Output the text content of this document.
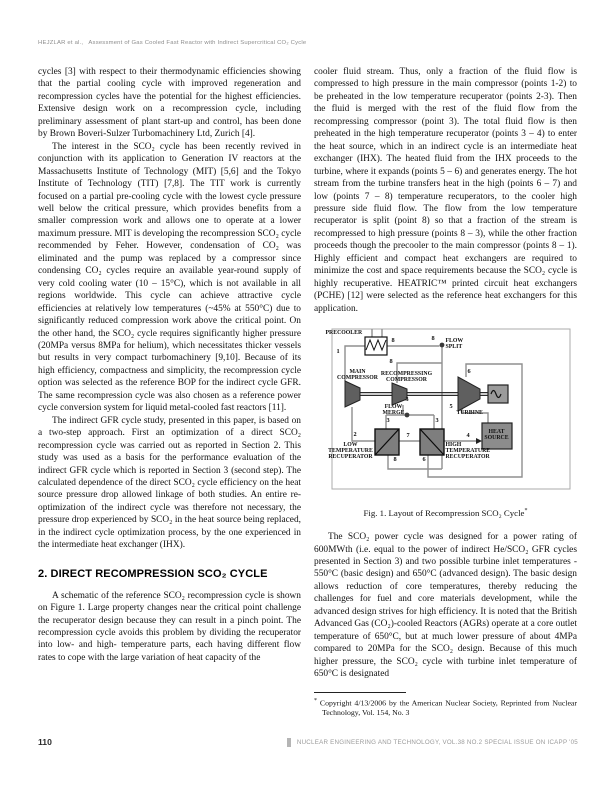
HEJZLAR et al.,   Assessment of Gas Cooled Fast Reactor with Indirect Supercritical CO₂ Cycle

cycles [3] with respect to their thermodynamic efficiencies showing that the partial cooling cycle with improved regeneration and recompression cycles have the potential for the highest efficiencies. Extensive design work on a recompression cycle, including preliminary assessment of plant start-up and control, has been done by Brown Boveri-Sulzer Turbomachinery Ltd, Zurich [4].

The interest in the SCO₂ cycle has been recently revived in conjunction with its application to Generation IV reactors at the Massachusetts Institute of Technology (MIT) [5,6] and the Tokyo Institute of Technology (TIT) [7,8]. The TIT work is currently focused on a partial pre-cooling cycle with the lowest cycle pressure well below the critical pressure, which provides benefits from a smaller compression work and allows one to operate at a lower maximum pressure. MIT is developing the recompression SCO₂ cycle recommended by Feher. However, condensation of CO₂ was eliminated and the pump was replaced by a compressor since condensing CO₂ cycles require an available year-round supply of very cold cooling water (10 – 15°C), which is not available in all regions worldwide. This cycle can achieve attractive cycle efficiencies at relatively low temperatures (~45% at 550°C) due to significantly reduced compression work above the critical point. On the other hand, the SCO₂ cycle requires significantly higher pressure (20MPa versus 8MPa for helium), which necessitates thicker vessels but results in very compact turbomachinery [9,10]. Because of its high efficiency, compactness and simplicity, the recompression cycle option was selected as the reference BOP for the indirect cycle GFR. The same recompression cycle was also chosen as a reference power cycle conversion system for liquid metal-cooled fast reactors [11].

The indirect GFR cycle study, presented in this paper, is based on a two-step approach. First an optimization of a direct SCO₂ recompression cycle was carried out as reported in Section 2. This study was used as a basis for the performance evaluation of the indirect GFR cycle which is reported in Section 3 (second step). The calculated dependence of the direct SCO₂ cycle efficiency on the heat source pressure drop allowed linkage of both studies. An entire re-optimization of the indirect cycle was therefore not necessary, the pressure drop experienced by SCO₂ in the heat source being replaced, in the indirect cycle optimization process, by the one experienced in the intermediate heat exchanger (IHX).

2. DIRECT RECOMPRESSION SCO₂ CYCLE

A schematic of the reference SCO₂ recompression cycle is shown on Figure 1. Large property changes near the critical point challenge the recuperator design because they can result in a pinch point. The recompression cycle avoids this problem by dividing the recuperator into low- and high- temperature parts, each having different flow rates to cope with the large variation of heat capacity of the

cooler fluid stream. Thus, only a fraction of the fluid flow is compressed to high pressure in the main compressor (points 1-2) to be preheated in the low temperature recuperator (points 2-3). Then the fluid is merged with the rest of the fluid flow from the recompressing compressor (point 3). The total fluid flow is then preheated in the high temperature recuperator (points 3 – 4) to enter the heat source, which in an indirect cycle is an intermediate heat exchanger (IHX). The heated fluid from the IHX proceeds to the turbine, where it expands (points 5 – 6) and generates energy. The hot stream from the turbine transfers heat in the high (points 6 – 7) and low (points 7 – 8) temperature recuperators, to the cooler high pressure side fluid flow. The flow from the low temperature recuperator is split (point 8) so that a fraction of the stream is recompressed to high pressure (points 8 – 3), while the other fraction proceeds though the precooler to the main compressor (points 8 – 1). Highly efficient and compact heat exchangers are required to minimize the cost and space requirements because the SCO₂ cycle is highly recuperative. HEATRIC™ printed circuit heat exchangers (PCHE) [12] were selected as the reference heat exchangers for this application.

PRECOOLER
FLOW
SPLIT
MAIN
COMPRESSOR
RECOMPRESSING
COMPRESSOR
FLOW
MERGE	TURBINE
LOW
TEMPERATURE
RECUPERATOR
HIGH
TEMPERATURE
RECUPERATOR
HEAT
SOURCE
1
8	8
8
3
6
5
3	3
2	7
8	6
4
Fig. 1. Layout of Recompression SCO₂ Cycle*

The SCO₂ power cycle was designed for a power rating of 600MWth (i.e. equal to the power of indirect He/SCO₂ GFR cycles presented in Section 3) and two possible turbine inlet temperatures - 550°C (basic design) and 650°C (advanced design). The basic design allows reduction of core temperatures, thereby reducing the challenges for fuel and core materials development, while the advanced design strives for high efficiency. It is noted that the British Advanced Gas (CO₂)-cooled Reactors (AGRs) operate at a core outlet temperature of 650°C, but at much lower pressure of about 4MPa compared to 20MPa for the SCO₂ design. Because of this much higher pressure, the SCO₂ cycle with turbine inlet temperature of 650°C is designated

* Copyright 4/13/2006 by the American Nuclear Society, Reprinted from Nuclear Technology, Vol. 154, No. 3
110	NUCLEAR ENGINEERING AND TECHNOLOGY, VOL.38 NO.2 SPECIAL ISSUE ON ICAPP '05
